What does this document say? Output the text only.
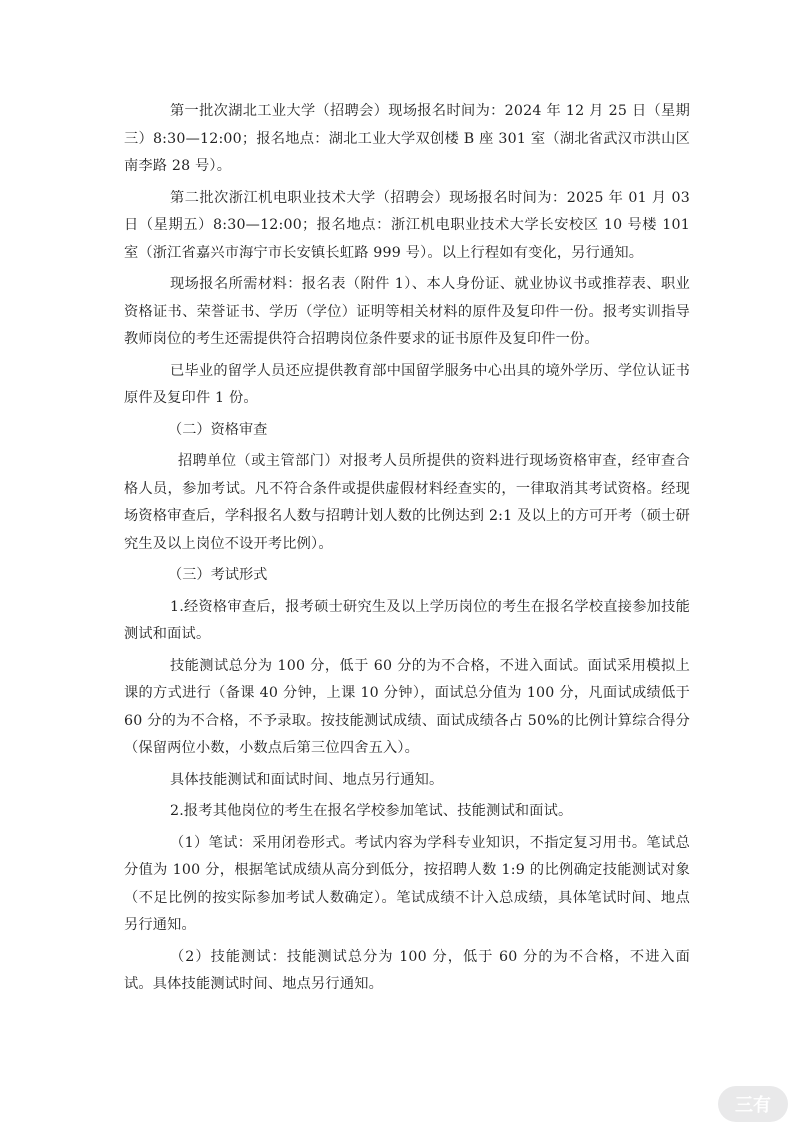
第一批次湖北工业大学（招聘会）现场报名时间为：2024 年 12 月 25 日（星期三）8:30—12:00；报名地点：湖北工业大学双创楼 B 座 301 室（湖北省武汉市洪山区南李路 28 号）。

第二批次浙江机电职业技术大学（招聘会）现场报名时间为：2025 年 01 月 03 日（星期五）8:30—12:00；报名地点：浙江机电职业技术大学长安校区 10 号楼 101 室（浙江省嘉兴市海宁市长安镇长虹路 999 号）。以上行程如有变化，另行通知。

现场报名所需材料：报名表（附件 1）、本人身份证、就业协议书或推荐表、职业资格证书、荣誉证书、学历（学位）证明等相关材料的原件及复印件一份。报考实训指导教师岗位的考生还需提供符合招聘岗位条件要求的证书原件及复印件一份。

已毕业的留学人员还应提供教育部中国留学服务中心出具的境外学历、学位认证书原件及复印件 1 份。

（二）资格审查

招聘单位（或主管部门）对报考人员所提供的资料进行现场资格审查，经审查合格人员，参加考试。凡不符合条件或提供虚假材料经查实的，一律取消其考试资格。经现场资格审查后，学科报名人数与招聘计划人数的比例达到 2:1 及以上的方可开考（硕士研究生及以上岗位不设开考比例）。

（三）考试形式

1.经资格审查后，报考硕士研究生及以上学历岗位的考生在报名学校直接参加技能测试和面试。

技能测试总分为 100 分，低于 60 分的为不合格，不进入面试。面试采用模拟上课的方式进行（备课 40 分钟，上课 10 分钟），面试总分值为 100 分，凡面试成绩低于 60 分的为不合格，不予录取。按技能测试成绩、面试成绩各占 50%的比例计算综合得分（保留两位小数，小数点后第三位四舍五入）。

具体技能测试和面试时间、地点另行通知。

2.报考其他岗位的考生在报名学校参加笔试、技能测试和面试。

（1）笔试：采用闭卷形式。考试内容为学科专业知识，不指定复习用书。笔试总分值为 100 分，根据笔试成绩从高分到低分，按招聘人数 1:9 的比例确定技能测试对象（不足比例的按实际参加考试人数确定）。笔试成绩不计入总成绩，具体笔试时间、地点另行通知。

（2）技能测试：技能测试总分为 100 分，低于 60 分的为不合格，不进入面试。具体技能测试时间、地点另行通知。

三有
